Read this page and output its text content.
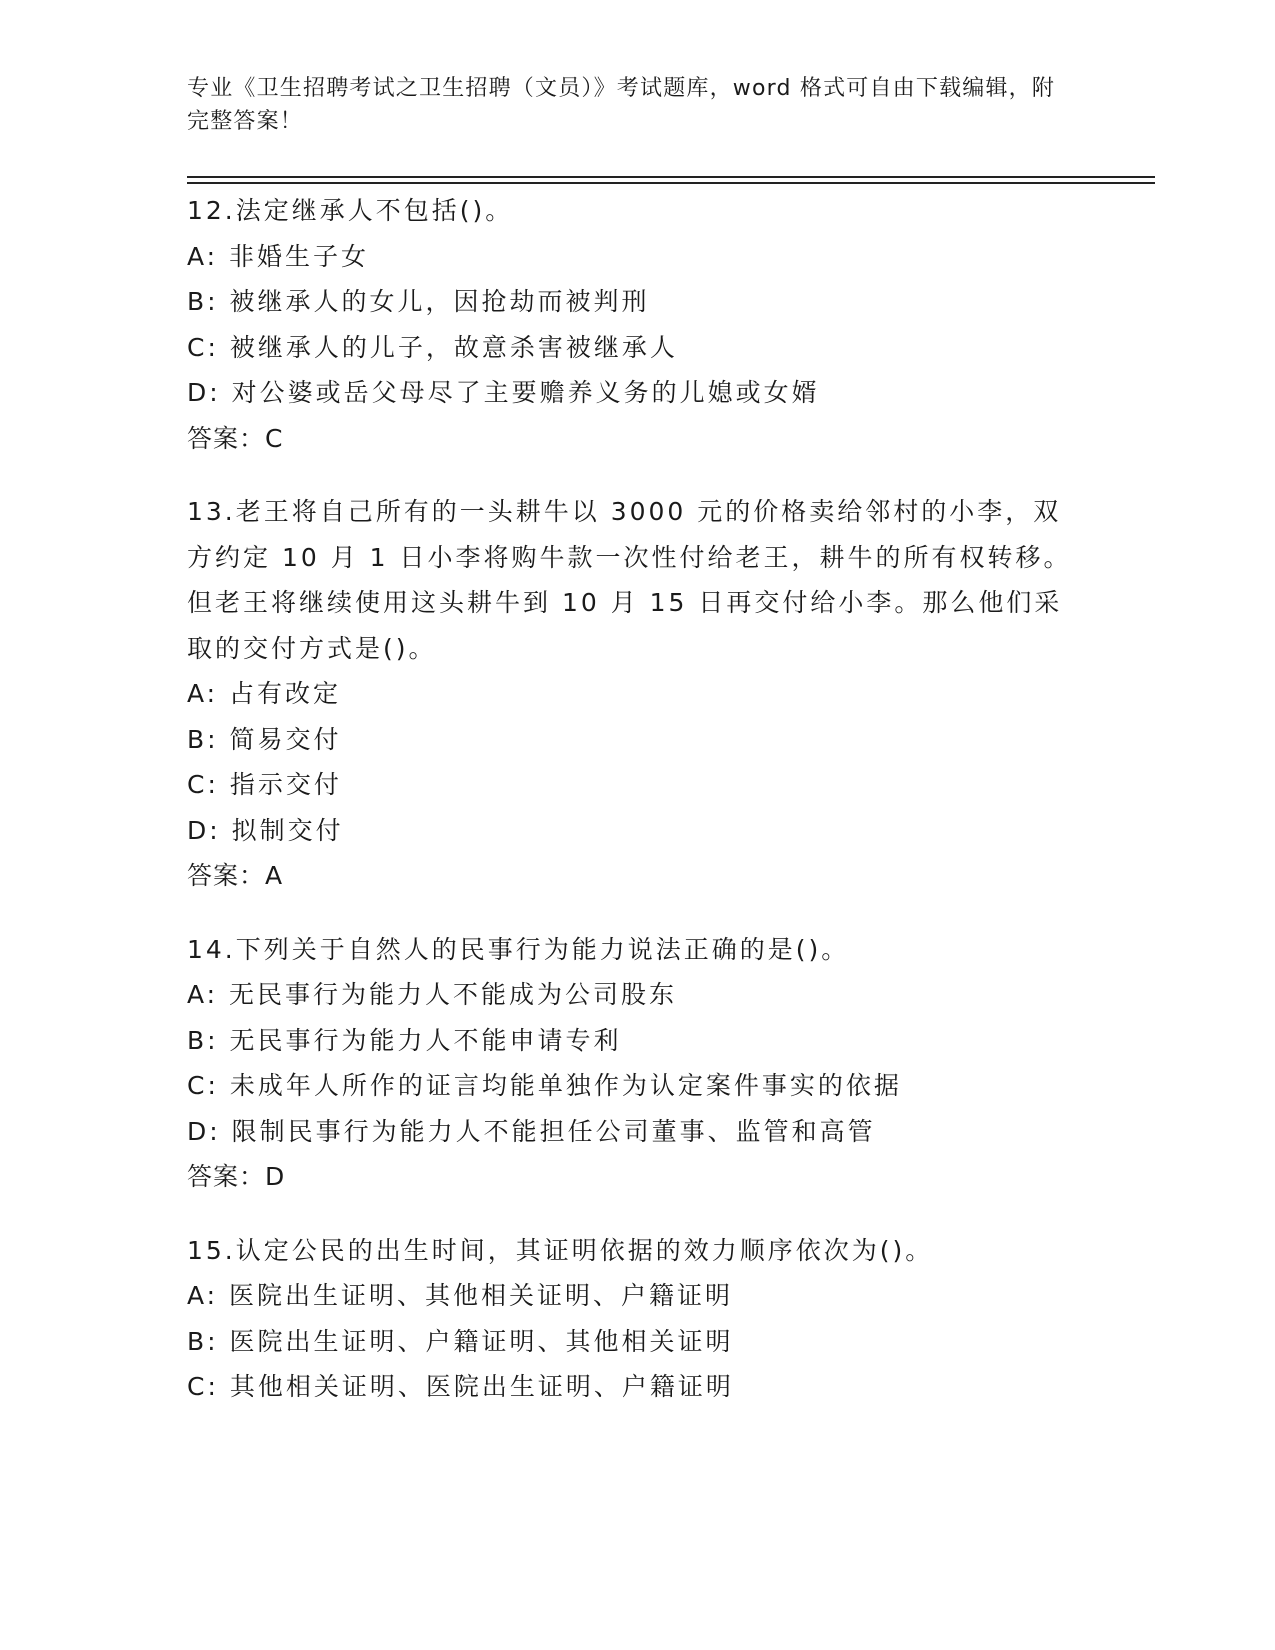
专业《卫生招聘考试之卫生招聘（文员）》考试题库，word 格式可自由下载编辑，附完整答案！
12.法定继承人不包括()。
A: 非婚生子女
B: 被继承人的女儿，因抢劫而被判刑
C: 被继承人的儿子，故意杀害被继承人
D: 对公婆或岳父母尽了主要赡养义务的儿媳或女婿
答案：C
13.老王将自己所有的一头耕牛以 3000 元的价格卖给邻村的小李，双
方约定 10 月 1 日小李将购牛款一次性付给老王，耕牛的所有权转移。
但老王将继续使用这头耕牛到 10 月 15 日再交付给小李。那么他们采
取的交付方式是()。
A: 占有改定
B: 简易交付
C: 指示交付
D: 拟制交付
答案：A
14.下列关于自然人的民事行为能力说法正确的是()。
A: 无民事行为能力人不能成为公司股东
B: 无民事行为能力人不能申请专利
C: 未成年人所作的证言均能单独作为认定案件事实的依据
D: 限制民事行为能力人不能担任公司董事、监管和高管
答案：D
15.认定公民的出生时间，其证明依据的效力顺序依次为()。
A: 医院出生证明、其他相关证明、户籍证明
B: 医院出生证明、户籍证明、其他相关证明
C: 其他相关证明、医院出生证明、户籍证明
